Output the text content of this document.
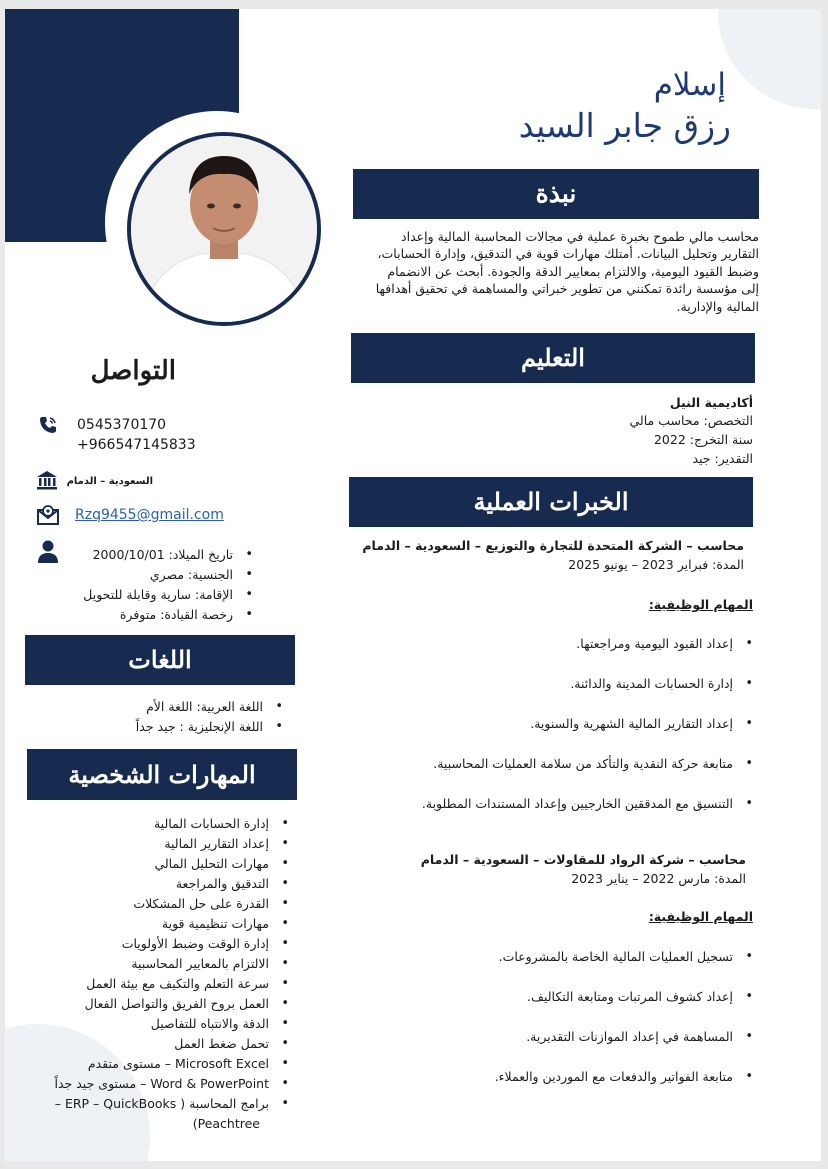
إسلام
رزق جابر السيد
نبذة
محاسب مالي طموح بخبرة عملية في مجالات المحاسبة المالية وإعداد
التقارير وتحليل البيانات. أمتلك مهارات قوية في التدقيق، وإدارة الحسابات،
وضبط القيود اليومية، والالتزام بمعايير الدقة والجودة. أبحث عن الانضمام
إلى مؤسسة رائدة تمكنني من تطوير خبراتي والمساهمة في تحقيق أهدافها
المالية والإدارية.
التعليم
أكاديمية النيل
التخصص: محاسب مالي
سنة التخرج: 2022
التقدير: جيد
الخبرات العملية
محاسب – الشركة المتحدة للتجارة والتوزيع – السعودية – الدمام
المدة: فبراير 2023 – يونيو 2025
المهام الوظيفية:
• إعداد القيود اليومية ومراجعتها.
• إدارة الحسابات المدينة والدائنة.
• إعداد التقارير المالية الشهرية والسنوية.
• متابعة حركة النقدية والتأكد من سلامة العمليات المحاسبية.
• التنسيق مع المدققين الخارجيين وإعداد المستندات المطلوبة.
محاسب – شركة الرواد للمقاولات – السعودية – الدمام
المدة: مارس 2022 – يناير 2023
المهام الوظيفية:
• تسجيل العمليات المالية الخاصة بالمشروعات.
• إعداد كشوف المرتبات ومتابعة التكاليف.
• المساهمة في إعداد الموازنات التقديرية.
• متابعة الفواتير والدفعات مع الموردين والعملاء.
التواصل
0545370170
+966547145833
السعودية – الدمام
Rzq9455@gmail.com
• تاريخ الميلاد: 2000/10/01
• الجنسية: مصري
• الإقامة: سارية وقابلة للتحويل
• رخصة القيادة: متوفرة
اللغات
• اللغة العربية: اللغة الأم
• اللغة الإنجليزية : جيد جداً
المهارات الشخصية
• إدارة الحسابات المالية
• إعداد التقارير المالية
• مهارات التحليل المالي
• التدقيق والمراجعة
• القدرة على حل المشكلات
• مهارات تنظيمية قوية
• إدارة الوقت وضبط الأولويات
• الالتزام بالمعايير المحاسبية
• سرعة التعلم والتكيف مع بيئة العمل
• العمل بروح الفريق والتواصل الفعال
• الدقة والانتباه للتفاصيل
• تحمل ضغط العمل
• Microsoft Excel – مستوى متقدم
• Word & PowerPoint – مستوى جيد جداً
• برامج المحاسبة ( ERP – QuickBooks –
Peachtree)
